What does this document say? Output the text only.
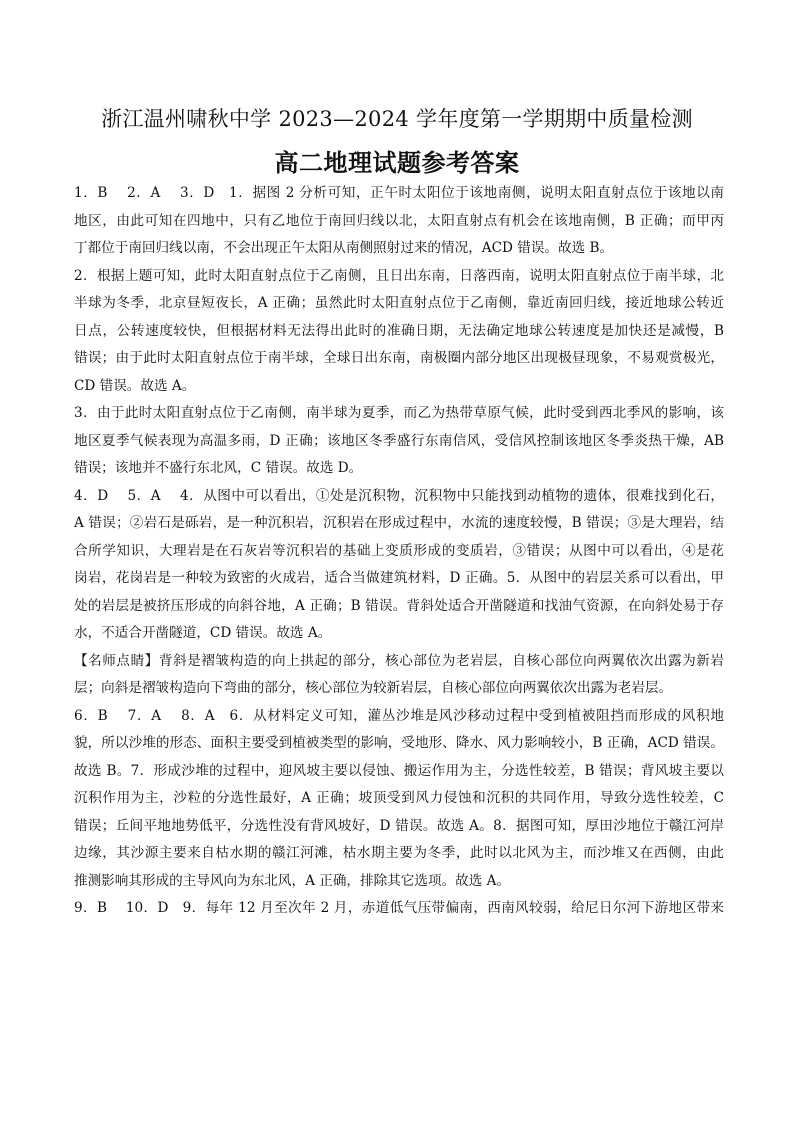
浙江温州啸秋中学 2023—2024 学年度第一学期期中质量检测
高二地理试题参考答案
1．B　 2．A　 3．D　1．据图 2 分析可知，正午时太阳位于该地南侧，说明太阳直射点位于该地以南
地区，由此可知在四地中，只有乙地位于南回归线以北，太阳直射点有机会在该地南侧，B 正确；而甲丙
丁都位于南回归线以南，不会出现正午太阳从南侧照射过来的情况，ACD 错误。故选 B。
2．根据上题可知，此时太阳直射点位于乙南侧，且日出东南，日落西南，说明太阳直射点位于南半球，北
半球为冬季，北京昼短夜长，A 正确；虽然此时太阳直射点位于乙南侧，靠近南回归线，接近地球公转近
日点，公转速度较快，但根据材料无法得出此时的准确日期，无法确定地球公转速度是加快还是减慢，B
错误；由于此时太阳直射点位于南半球，全球日出东南，南极圈内部分地区出现极昼现象，不易观赏极光，
CD 错误。故选 A。
3．由于此时太阳直射点位于乙南侧，南半球为夏季，而乙为热带草原气候，此时受到西北季风的影响，该
地区夏季气候表现为高温多雨，D 正确；该地区冬季盛行东南信风，受信风控制该地区冬季炎热干燥，AB
错误；该地并不盛行东北风，C 错误。故选 D。
4．D　 5．A　 4．从图中可以看出，①处是沉积物，沉积物中只能找到动植物的遗体，很难找到化石，
A 错误；②岩石是砾岩，是一种沉积岩，沉积岩在形成过程中，水流的速度较慢，B 错误；③是大理岩，结
合所学知识，大理岩是在石灰岩等沉积岩的基础上变质形成的变质岩，③错误；从图中可以看出，④是花
岗岩，花岗岩是一种较为致密的火成岩，适合当做建筑材料，D 正确。5．从图中的岩层关系可以看出，甲
处的岩层是被挤压形成的向斜谷地，A 正确；B 错误。背斜处适合开凿隧道和找油气资源，在向斜处易于存
水，不适合开凿隧道，CD 错误。故选 A。
【名师点睛】背斜是褶皱构造的向上拱起的部分，核心部位为老岩层，自核心部位向两翼依次出露为新岩
层；向斜是褶皱构造向下弯曲的部分，核心部位为较新岩层，自核心部位向两翼依次出露为老岩层。
6．B　 7．A　 8．A　6．从材料定义可知，灌丛沙堆是风沙移动过程中受到植被阻挡而形成的风积地
貌，所以沙堆的形态、面积主要受到植被类型的影响，受地形、降水、风力影响较小，B 正确，ACD 错误。
故选 B。7．形成沙堆的过程中，迎风坡主要以侵蚀、搬运作用为主，分选性较差，B 错误；背风坡主要以
沉积作用为主，沙粒的分选性最好，A 正确；坡顶受到风力侵蚀和沉积的共同作用，导致分选性较差，C
错误；丘间平地地势低平，分选性没有背风坡好，D 错误。故选 A。8．据图可知，厚田沙地位于赣江河岸
边缘，其沙源主要来自枯水期的赣江河滩，枯水期主要为冬季，此时以北风为主，而沙堆又在西侧，由此
推测影响其形成的主导风向为东北风，A 正确，排除其它选项。故选 A。
9．B　 10．D　9．每年 12 月至次年 2 月，赤道低气压带偏南，西南风较弱，给尼日尔河下游地区带来
